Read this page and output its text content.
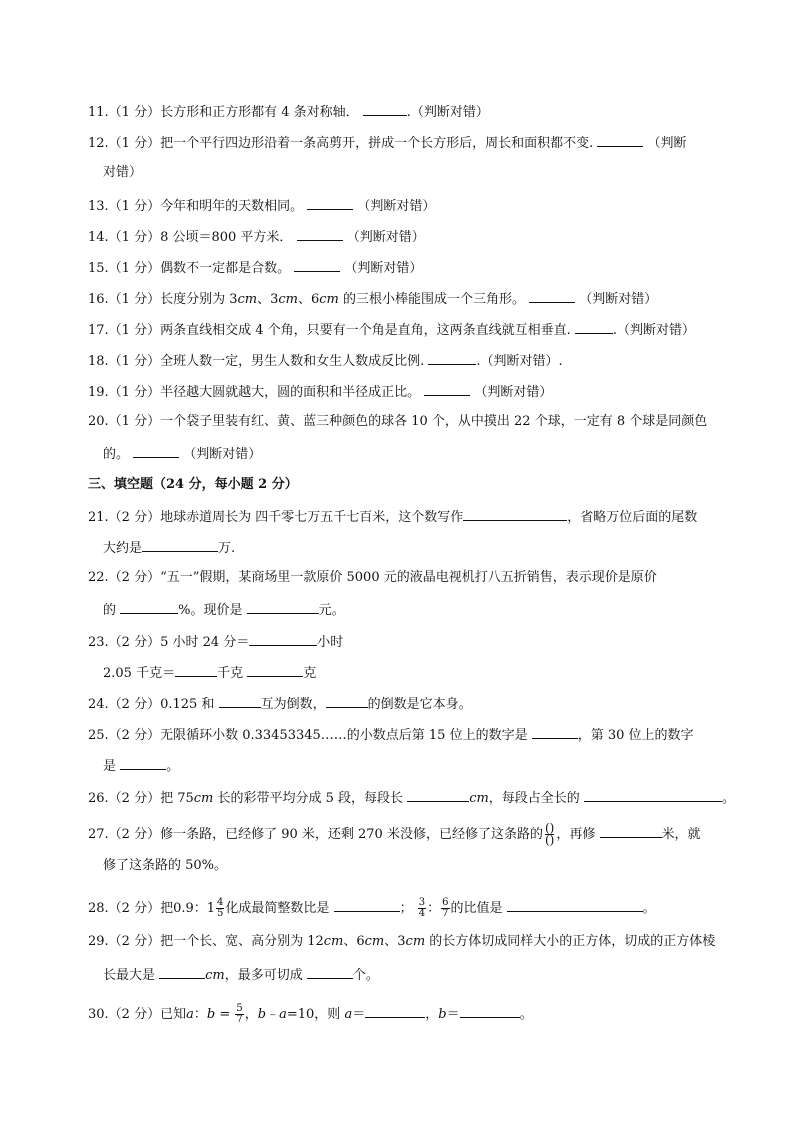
11.（1 分）长方形和正方形都有 4 条对称轴．	.（判断对错）
12.（1 分）把一个平行四边形沿着一条高剪开，拼成一个长方形后，周长和面积都不变.	（判断
对错）
13.（1 分）今年和明年的天数相同。	（判断对错）
14.（1 分）8 公顷＝800 平方米．	（判断对错）
15.（1 分）偶数不一定都是合数。	（判断对错）
16.（1 分）长度分别为 3cm、3cm、6cm 的三根小棒能围成一个三角形。	（判断对错）
17.（1 分）两条直线相交成 4 个角，只要有一个角是直角，这两条直线就互相垂直.	.（判断对错）
18.（1 分）全班人数一定，男生人数和女生人数成反比例.	.（判断对错）.
19.（1 分）半径越大圆就越大，圆的面积和半径成正比。	（判断对错）
20.（1 分）一个袋子里装有红、黄、蓝三种颜色的球各 10 个，从中摸出 22 个球，一定有 8 个球是同颜色
的。	（判断对错）
三、填空题（24 分，每小题 2 分）
21.（2 分）地球赤道周长为 四千零七万五千七百米，这个数写作	，省略万位后面的尾数
大约是	万.
22.（2 分）“五一”假期，某商场里一款原价 5000 元的液晶电视机打八五折销售，表示现价是原价
的	%。现价是	元。
23.（2 分）5 小时 24 分＝	小时
2.05 千克＝	千克	克
24.（2 分）0.125 和	互为倒数，	的倒数是它本身。
25.（2 分）无限循环小数 0.33453345……的小数点后第 15 位上的数字是	，第 30 位上的数字
是	。
26.（2 分）把 75cm 长的彩带平均分成 5 段，每段长	cm，每段占全长的	。
27.（2 分）修一条路，已经修了 90 米，还剩 270 米没修，已经修了这条路的 ()
() ，再修	米，就
修了这条路的 50%。
28.（2 分）把0.9： $1 \frac{4}{5}$ 化成最简整数比是	； $\frac{3}{4}$ ： $\frac{6}{7}$ 的比值是	。
29.（2 分）把一个长、宽、高分别为 12cm、6cm、3cm 的长方体切成同样大小的正方体，切成的正方体棱
长最大是	cm，最多可切成	个。
30.（2 分）已知a：$b = \frac{5}{7}$ ，b﹣a=10，则 a＝	，b＝	。
